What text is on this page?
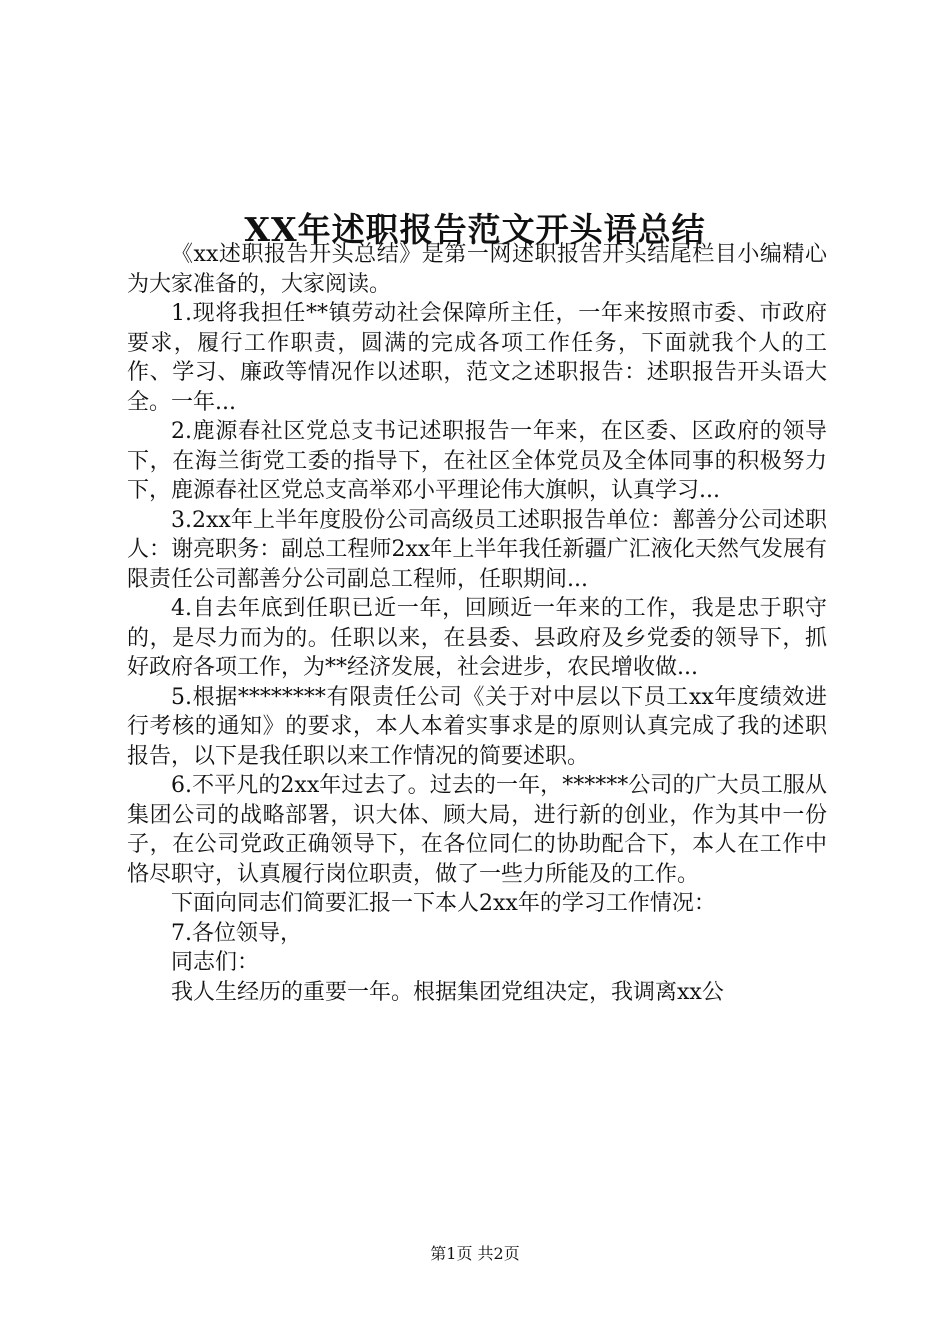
XX年述职报告范文开头语总结

《xx述职报告开头总结》是第一网述职报告开头结尾栏目小编精心为大家准备的，大家阅读。

1.现将我担任**镇劳动社会保障所主任，一年来按照市委、市政府要求，履行工作职责，圆满的完成各项工作任务，下面就我个人的工作、学习、廉政等情况作以述职，范文之述职报告：述职报告开头语大全。一年...

2.鹿源春社区党总支书记述职报告一年来，在区委、区政府的领导下，在海兰街党工委的指导下，在社区全体党员及全体同事的积极努力下，鹿源春社区党总支高举邓小平理论伟大旗帜，认真学习...

3.2xx年上半年度股份公司高级员工述职报告单位：鄯善分公司述职人：谢亮职务：副总工程师2xx年上半年我任新疆广汇液化天然气发展有限责任公司鄯善分公司副总工程师，任职期间...

4.自去年底到任职已近一年，回顾近一年来的工作，我是忠于职守的，是尽力而为的。任职以来，在县委、县政府及乡党委的领导下，抓好政府各项工作，为**经济发展，社会进步，农民增收做...

5.根据********有限责任公司《关于对中层以下员工xx年度绩效进行考核的通知》的要求，本人本着实事求是的原则认真完成了我的述职报告，以下是我任职以来工作情况的简要述职。

6.不平凡的2xx年过去了。过去的一年，******公司的广大员工服从集团公司的战略部署，识大体、顾大局，进行新的创业，作为其中一份子，在公司党政正确领导下，在各位同仁的协助配合下，本人在工作中恪尽职守，认真履行岗位职责，做了一些力所能及的工作。

下面向同志们简要汇报一下本人2xx年的学习工作情况：

7.各位领导，

同志们：

我人生经历的重要一年。根据集团党组决定，我调离xx公

第1页 共2页
